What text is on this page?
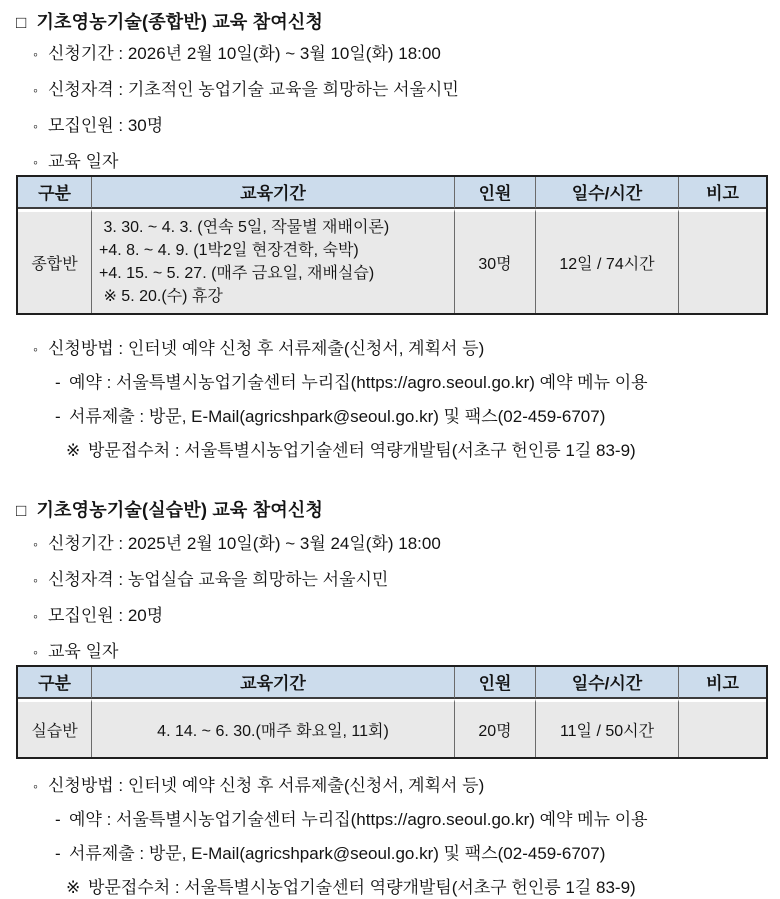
□ 기초영농기술(종합반) 교육 참여신청
◦ 신청기간 : 2026년 2월 10일(화) ~ 3월 10일(화) 18:00
◦ 신청자격 : 기초적인 농업기술 교육을 희망하는 서울시민
◦ 모집인원 : 30명
◦ 교육 일자
구분	교육기간	인원	일수/시간	비고
종합반	3. 30. ~ 4. 3. (연속 5일, 작물별 재배이론)
+4. 8. ~ 4. 9. (1박2일 현장견학, 숙박)
+4. 15. ~ 5. 27. (매주 금요일, 재배실습)
※ 5. 20.(수) 휴강	30명	12일 / 74시간	
◦ 신청방법 : 인터넷 예약 신청 후 서류제출(신청서, 계획서 등)
- 예약 : 서울특별시농업기술센터 누리집(https://agro.seoul.go.kr) 예약 메뉴 이용
- 서류제출 : 방문, E-Mail(agricshpark@seoul.go.kr) 및 팩스(02-459-6707)
※ 방문접수처 : 서울특별시농업기술센터 역량개발팀(서초구 헌인릉 1길 83-9)
□ 기초영농기술(실습반) 교육 참여신청
◦ 신청기간 : 2025년 2월 10일(화) ~ 3월 24일(화) 18:00
◦ 신청자격 : 농업실습 교육을 희망하는 서울시민
◦ 모집인원 : 20명
◦ 교육 일자
구분	교육기간	인원	일수/시간	비고
실습반	4. 14. ~ 6. 30.(매주 화요일, 11회)	20명	11일 / 50시간	
◦ 신청방법 : 인터넷 예약 신청 후 서류제출(신청서, 계획서 등)
- 예약 : 서울특별시농업기술센터 누리집(https://agro.seoul.go.kr) 예약 메뉴 이용
- 서류제출 : 방문, E-Mail(agricshpark@seoul.go.kr) 및 팩스(02-459-6707)
※ 방문접수처 : 서울특별시농업기술센터 역량개발팀(서초구 헌인릉 1길 83-9)
